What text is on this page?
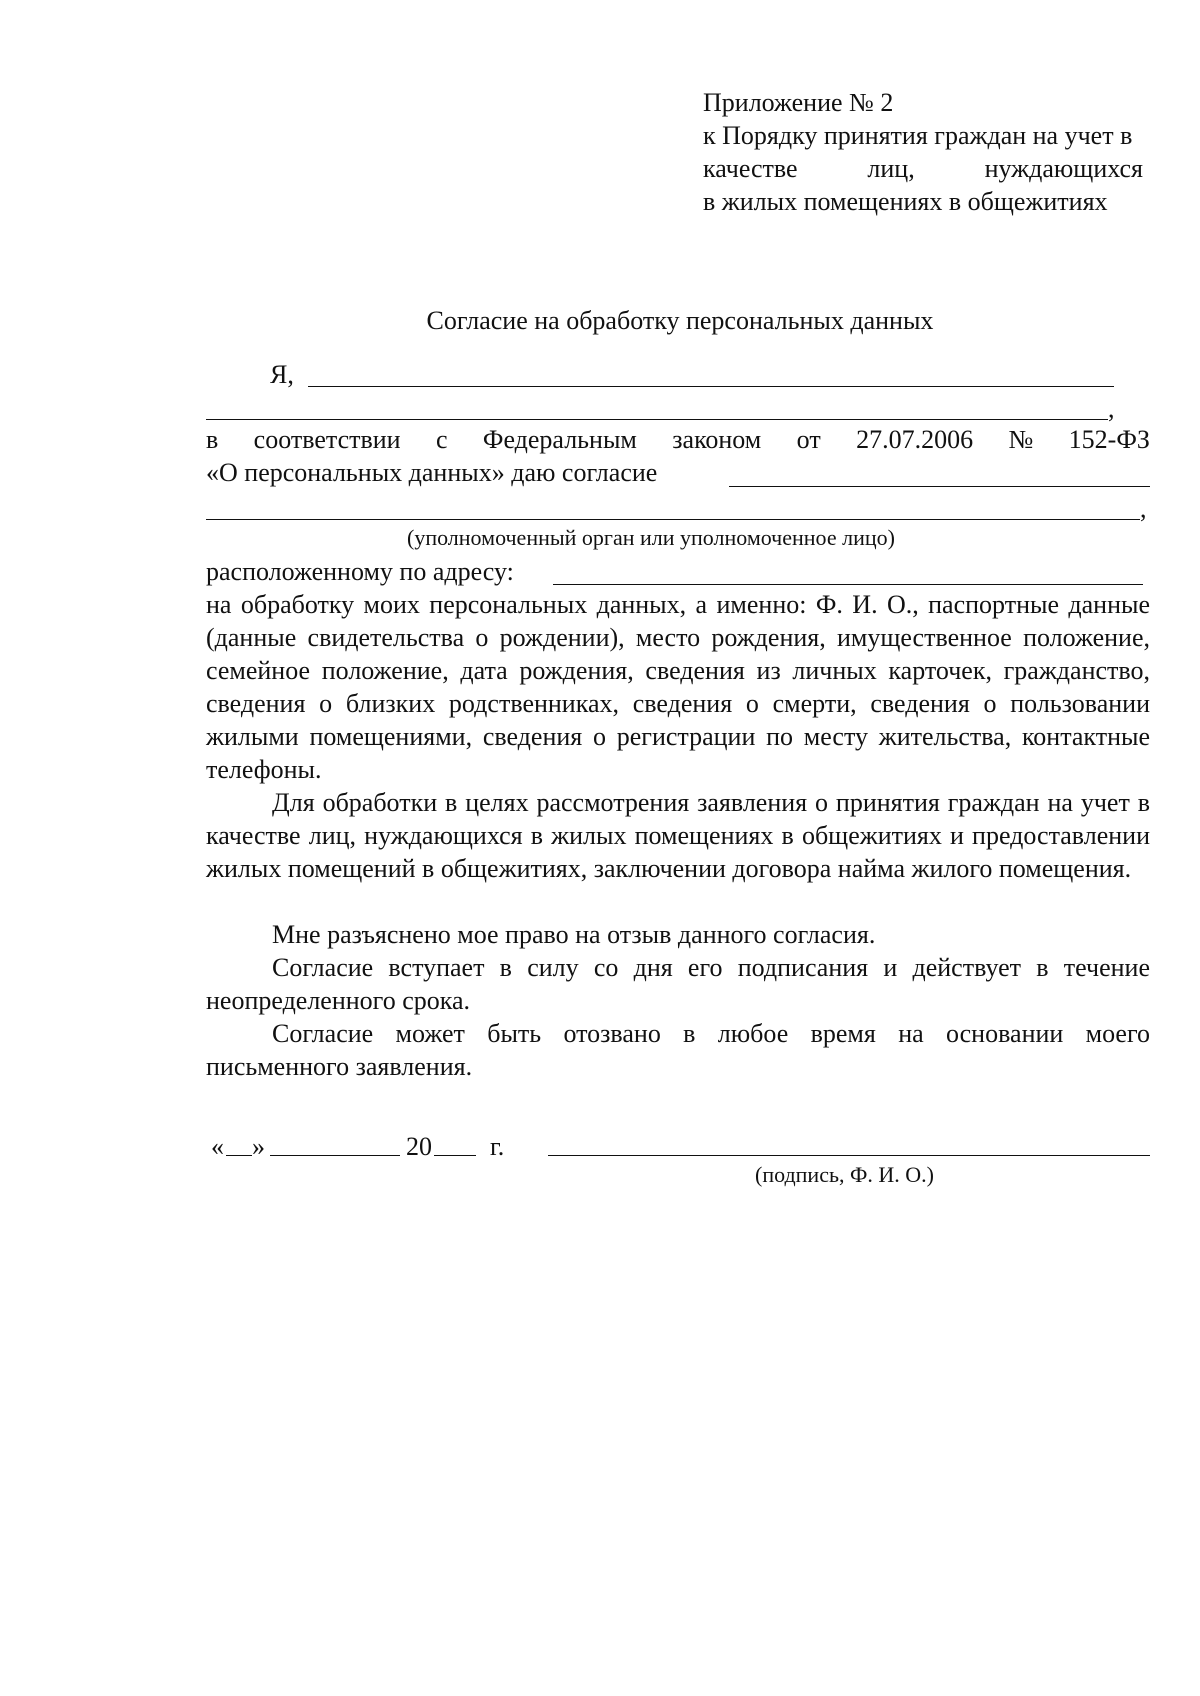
Приложение № 2
к Порядку принятия граждан на учет в
качестве	лиц,	нуждающихся
в жилых помещениях в общежитиях
Согласие на обработку персональных данных
Я,
,
в соответствии с Федеральным законом от 27.07.2006 № 152-ФЗ
«О персональных данных» даю согласие
,
(уполномоченный орган или уполномоченное лицо)
расположенному по адресу:
на обработку моих персональных данных, а именно: Ф. И. О., паспортные данные (данные свидетельства о рождении), место рождения, имущественное положение, семейное положение, дата рождения, сведения из личных карточек, гражданство, сведения о близких родственниках, сведения о смерти, сведения о пользовании жилыми помещениями, сведения о регистрации по месту жительства, контактные телефоны.
Для обработки в целях рассмотрения заявления о принятия граждан на учет в качестве лиц, нуждающихся в жилых помещениях в общежитиях и предоставлении жилых помещений в общежитиях, заключении договора найма жилого помещения.
Мне разъяснено мое право на отзыв данного согласия.
Согласие вступает в силу со дня его подписания и действует в течение неопределенного срока.
Согласие может быть отозвано в любое время на основании моего письменного заявления.
« »	20 г.
(подпись, Ф. И. О.)
